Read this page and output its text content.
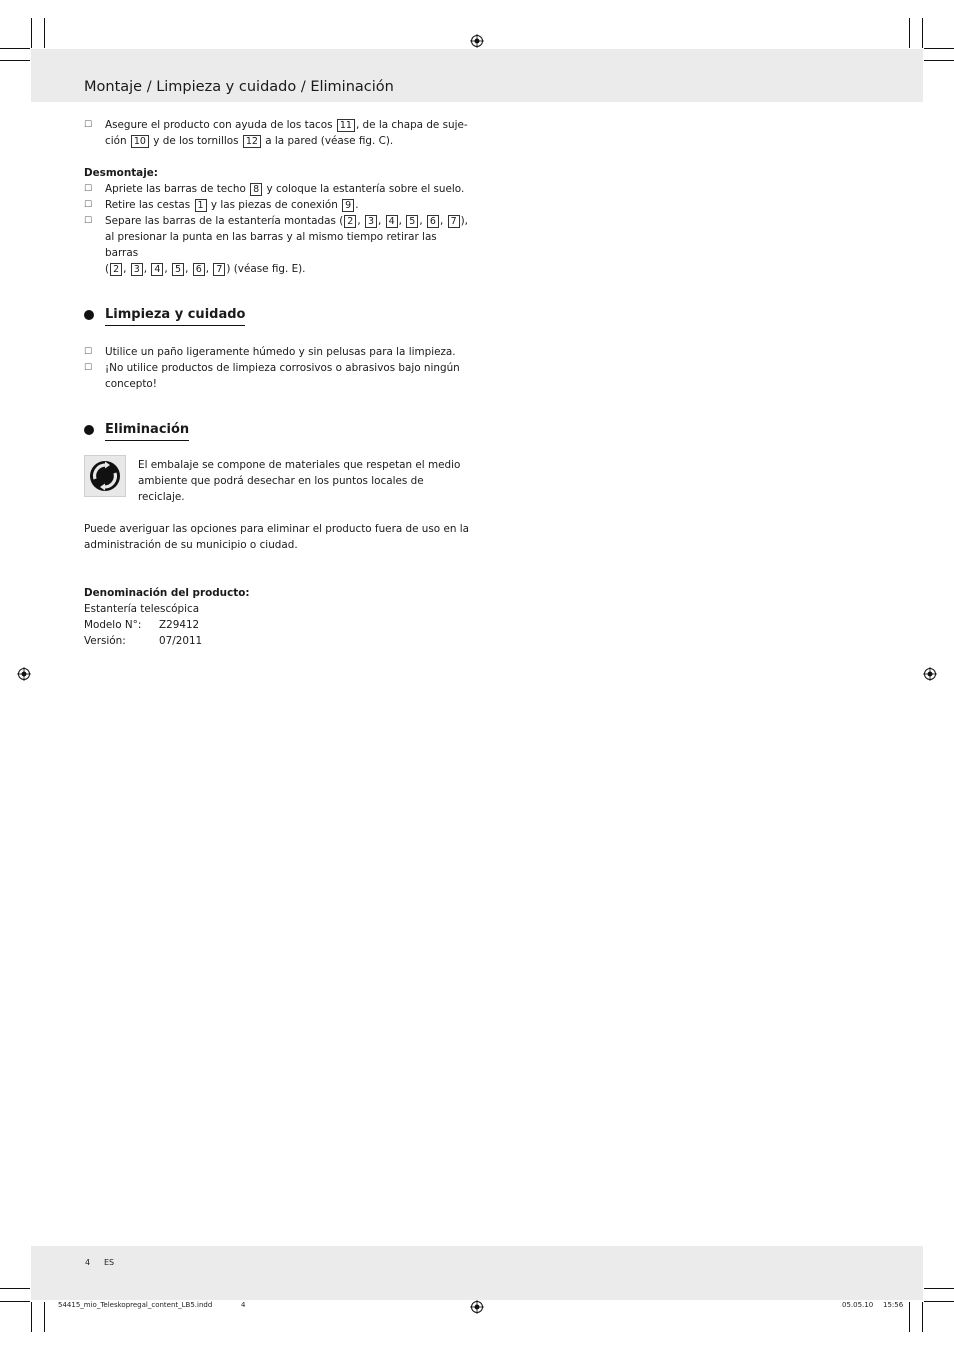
Montaje / Limpieza y cuidado / Eliminación
☐ Asegure el producto con ayuda de los tacos 11 , de la chapa de suje-
ción 10 y de los tornillos 12 a la pared (véase fig. C).
Desmontaje:
☐ Apriete las barras de techo 8 y coloque la estantería sobre el suelo.
☐ Retire las cestas 1 y las piezas de conexión 9 .
☐ Separe las barras de la estantería montadas ( 2 , 3 , 4 , 5 , 6 , 7 ),
al presionar la punta en las barras y al mismo tiempo retirar las barras
( 2 , 3 , 4 , 5 , 6 , 7 ) (véase fig. E).
Limpieza y cuidado
☐ Utilice un paño ligeramente húmedo y sin pelusas para la limpieza.
☐ ¡No utilice productos de limpieza corrosivos o abrasivos bajo ningún concepto!
Eliminación
El embalaje se compone de materiales que respetan el medio ambiente que podrá desechar en los puntos locales de reciclaje.
Puede averiguar las opciones para eliminar el producto fuera de uso en la administración de su municipio o ciudad.
Denominación del producto:
Estantería telescópica
Modelo N°:	Z29412
Versión:	07/2011
4 ES
54415_mio_Teleskopregal_content_LB5.indd	4	05.05.10 15:56
